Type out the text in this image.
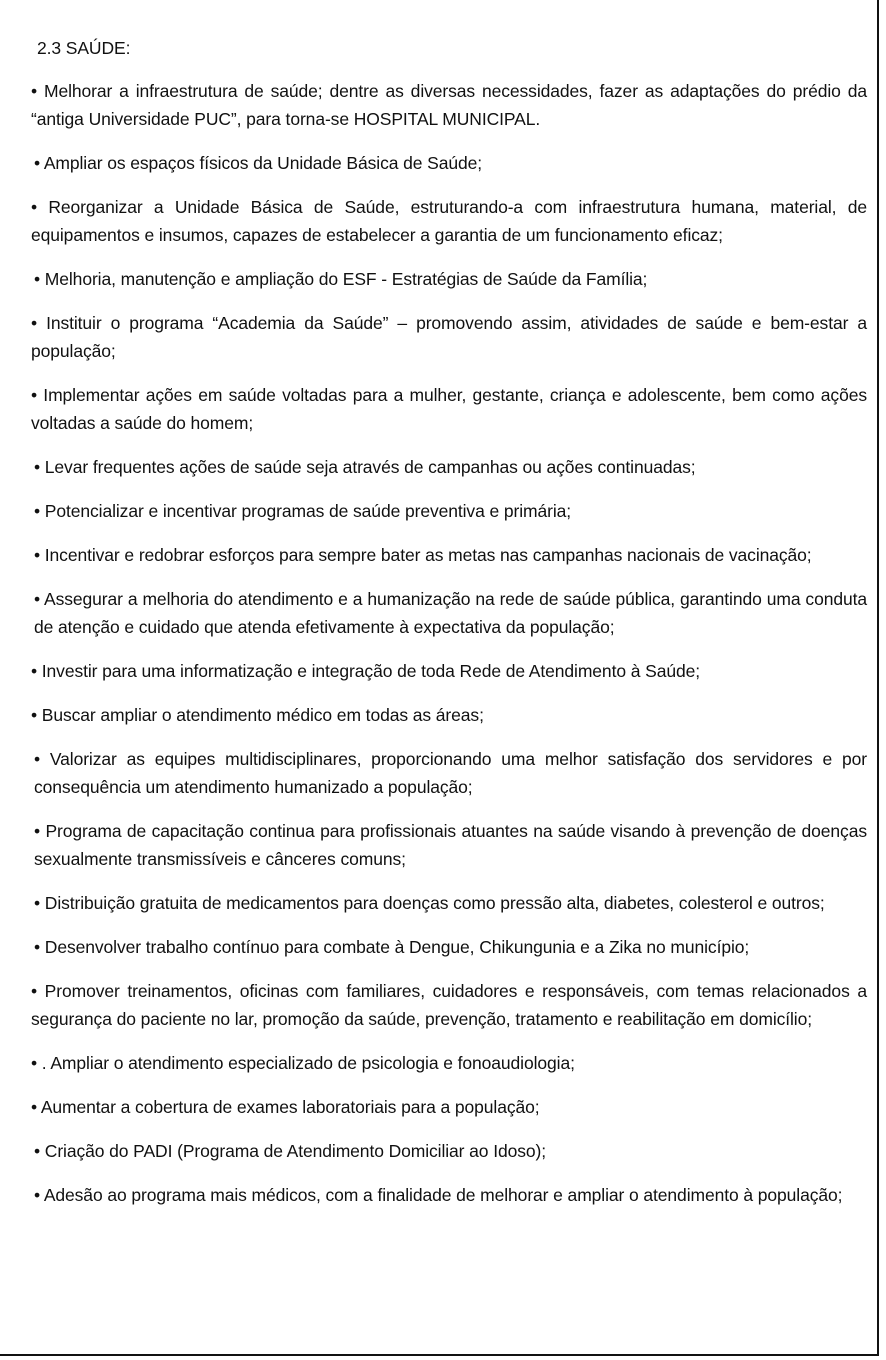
2.3 SAÚDE:
• Melhorar a infraestrutura de saúde; dentre as diversas necessidades, fazer as adaptações do prédio da “antiga Universidade PUC”, para torna-se HOSPITAL MUNICIPAL.
• Ampliar os espaços físicos da Unidade Básica de Saúde;
• Reorganizar a Unidade Básica de Saúde, estruturando-a com infraestrutura humana, material, de equipamentos e insumos, capazes de estabelecer a garantia de um funcionamento eficaz;
• Melhoria, manutenção e ampliação do ESF - Estratégias de Saúde da Família;
• Instituir o programa “Academia da Saúde” – promovendo assim, atividades de saúde e bem-estar a população;
• Implementar ações em saúde voltadas para a mulher, gestante, criança e adolescente, bem como ações voltadas a saúde do homem;
• Levar frequentes ações de saúde seja através de campanhas ou ações continuadas;
• Potencializar e incentivar programas de saúde preventiva e primária;
• Incentivar e redobrar esforços para sempre bater as metas nas campanhas nacionais de vacinação;
• Assegurar a melhoria do atendimento e a humanização na rede de saúde pública, garantindo uma conduta de atenção e cuidado que atenda efetivamente à expectativa da população;
• Investir para uma informatização e integração de toda Rede de Atendimento à Saúde;
• Buscar ampliar o atendimento médico em todas as áreas;
• Valorizar as equipes multidisciplinares, proporcionando uma melhor satisfação dos servidores e por consequência um atendimento humanizado a população;
• Programa de capacitação continua para profissionais atuantes na saúde visando à prevenção de doenças sexualmente transmissíveis e cânceres comuns;
• Distribuição gratuita de medicamentos para doenças como pressão alta, diabetes, colesterol e outros;
• Desenvolver trabalho contínuo para combate à Dengue, Chikungunia e a Zika no município;
• Promover treinamentos, oficinas com familiares, cuidadores e responsáveis, com temas relacionados a segurança do paciente no lar, promoção da saúde, prevenção, tratamento e reabilitação em domicílio;
• . Ampliar o atendimento especializado de psicologia e fonoaudiologia;
• Aumentar a cobertura de exames laboratoriais para a população;
• Criação do PADI (Programa de Atendimento Domiciliar ao Idoso);
• Adesão ao programa mais médicos, com a finalidade de melhorar e ampliar o atendimento à população;
